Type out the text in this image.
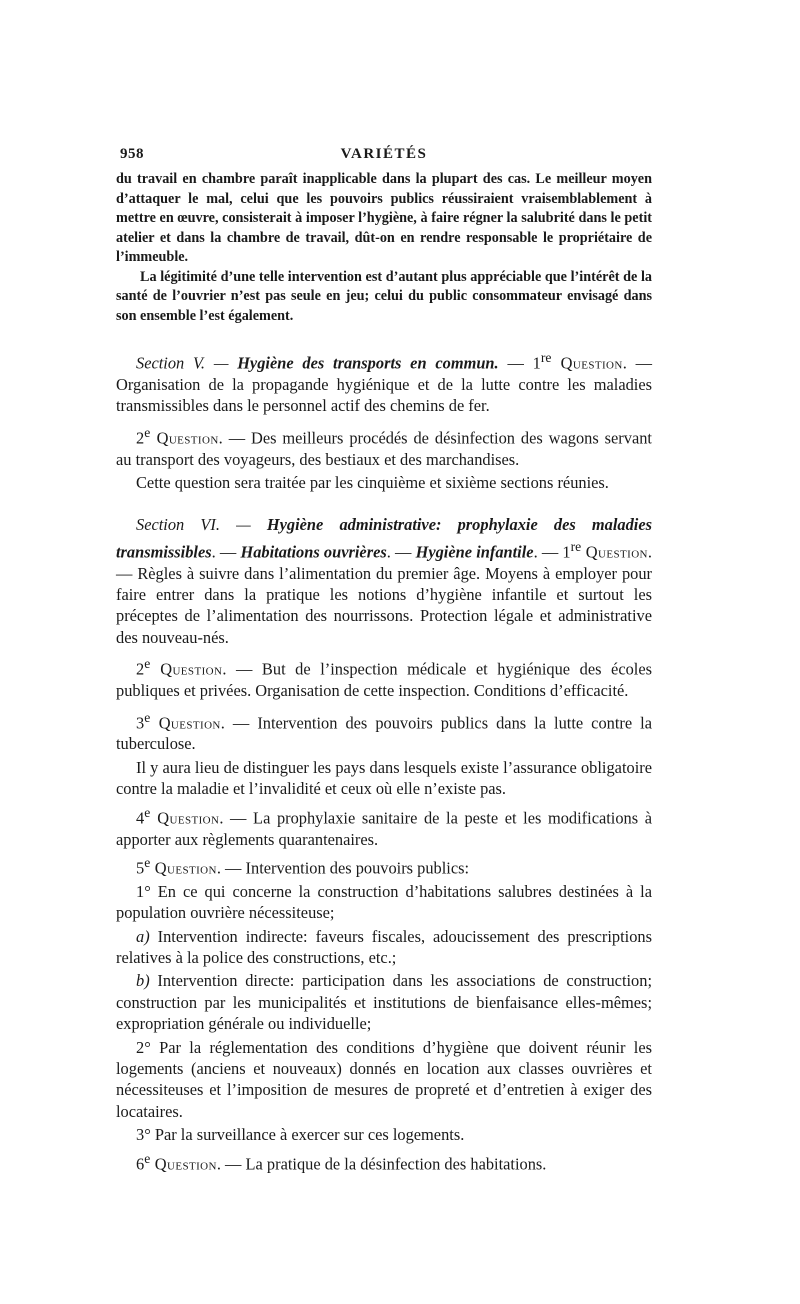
958	VARIÉTÉS

du travail en chambre paraît inapplicable dans la plupart des cas. Le meilleur moyen d’attaquer le mal, celui que les pouvoirs publics réussiraient vraisemblablement à mettre en œuvre, consisterait à imposer l’hygiène, à faire régner la salubrité dans le petit atelier et dans la chambre de travail, dût-on en rendre responsable le propriétaire de l’immeuble.

La légitimité d’une telle intervention est d’autant plus appréciable que l’intérêt de la santé de l’ouvrier n’est pas seule en jeu; celui du public consommateur envisagé dans son ensemble l’est également.

Section V. — Hygiène des transports en commun. — 1re Question. — Organisation de la propagande hygiénique et de la lutte contre les maladies transmissibles dans le personnel actif des chemins de fer.

2e Question. — Des meilleurs procédés de désinfection des wagons servant au transport des voyageurs, des bestiaux et des marchandises.

Cette question sera traitée par les cinquième et sixième sections réunies.

Section VI. — Hygiène administrative: prophylaxie des maladies transmissibles. — Habitations ouvrières. — Hygiène infantile. — 1re Question. — Règles à suivre dans l’alimentation du premier âge. Moyens à employer pour faire entrer dans la pratique les notions d’hygiène infantile et surtout les préceptes de l’alimentation des nourrissons. Protection légale et administrative des nouveau-nés.

2e Question. — But de l’inspection médicale et hygiénique des écoles publiques et privées. Organisation de cette inspection. Conditions d’efficacité.

3e Question. — Intervention des pouvoirs publics dans la lutte contre la tuberculose.

Il y aura lieu de distinguer les pays dans lesquels existe l’assurance obligatoire contre la maladie et l’invalidité et ceux où elle n’existe pas.

4e Question. — La prophylaxie sanitaire de la peste et les modifications à apporter aux règlements quarantenaires.

5e Question. — Intervention des pouvoirs publics:

1° En ce qui concerne la construction d’habitations salubres destinées à la population ouvrière nécessiteuse;

a) Intervention indirecte: faveurs fiscales, adoucissement des prescriptions relatives à la police des constructions, etc.;

b) Intervention directe: participation dans les associations de construction; construction par les municipalités et institutions de bienfaisance elles-mêmes; expropriation générale ou individuelle;

2° Par la réglementation des conditions d’hygiène que doivent réunir les logements (anciens et nouveaux) donnés en location aux classes ouvrières et nécessiteuses et l’imposition de mesures de propreté et d’entretien à exiger des locataires.

3° Par la surveillance à exercer sur ces logements.

6e Question. — La pratique de la désinfection des habitations.
